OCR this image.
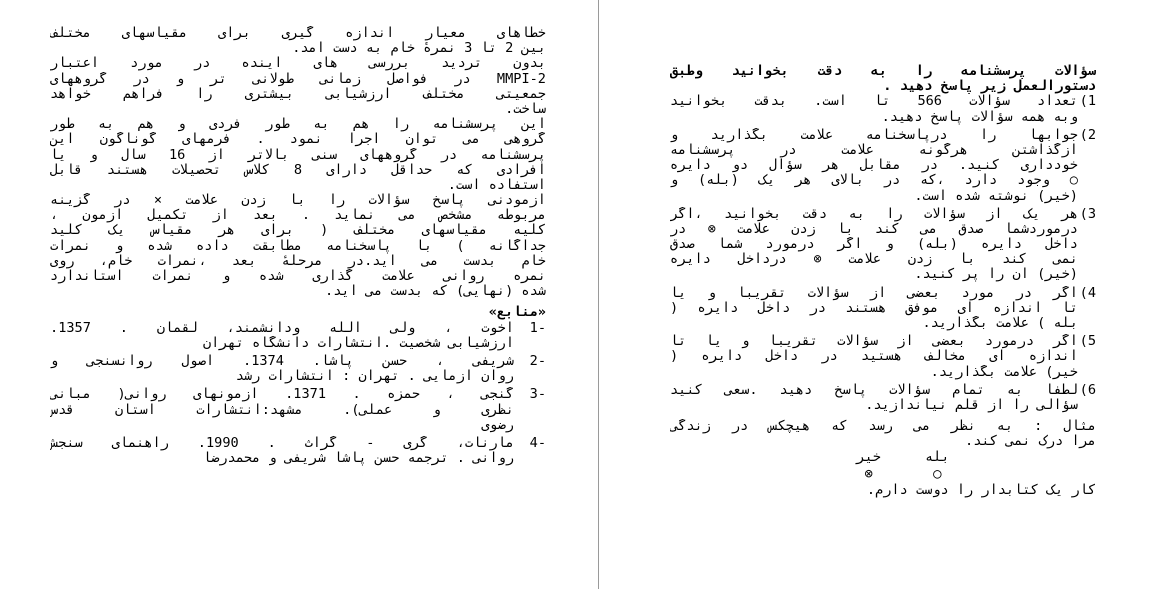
خطاهای معیار اندازه گیری برای مقیاسهای مختلف
بین 2 تا 3 نمرهٔ خام به دست آمد.
بدون تردید بررسی های آینده در مورد اعتبار
MMPI-2 در فواصل زمانی طولانی تر و در گروههای
جمعیتی مختلف ارزشیابی بیشتری را فراهم خواهد
ساخت.
این پرسشنامه را هم به طور فردی و هم به طور
گروهی می توان اجرا نمود . فرمهای گوناگون این
پرسشنامه در گروههای سنی بالاتر از 16 سال و یا
افرادی که حداقل دارای 8 کلاس تحصیلات هستند قابل
استفاده است.
آزمودنی پاسخ سؤالات را با زدن علامت × در گزینه
مربوطه مشخص می نماید . بعد از تکمیل آزمون ،
کلیه مقیاسهای مختلف ( برای هر مقیاس یک کلید
جداگانه ) با پاسخنامه مطابقت داده شده و نمرات
خام بدست می آید.در مرحلهٔ بعد ،نمرات خام، روی
نمره روانی علامت گذاری شده و نمرات استاندارد
شده (نهایی) که بدست می آید.
«منابع»
-1
اخوت ، ولی الله ودانشمند، لقمان . 1357.
ارزشیابی شخصیت .انتشارات دانشگاه تهران
-2
شریفی ، حسن پاشا. 1374. اصول روانسنجی و
روان آزمایی . تهران : انتشارات رشد
-3
گنجی ، حمزه . 1371. آزمونهای روانی( مبانی
نظری و عملی). مشهد:انتشارات آستان قدس
رضوی
-4
مارنات، گری - گراث . 1990. راهنمای سنجش
روانی . ترجمه حسن پاشا شریفی و محمدرضا
سؤالات پرسشنامه را به دقت بخوانید وطبق
دستورالعمل زیر پاسخ دهید .
1)
تعداد سؤالات 566 تا است. بدقت بخوانید
وبه همه سؤالات پاسخ دهید.
2)
جوابها را درپاسخنامه علامت بگذارید و
ازگذاشتن هرگونه علامت در پرسشنامه
خودداری کنید. در مقابل هر سؤال دو دایره
○ وجود دارد ،که در بالای هر یک (بله) و
(خیر) نوشته شده است.
3)
هر یک از سؤالات را به دقت بخوانید ،اگر
درموردشما صدق می کند با زدن علامت ⊗ در
داخل دایره (بله) و اگر درمورد شما صدق
نمی کند با زدن علامت ⊗ درداخل دایره
(خیر) آن را پر کنید.
4)
اگر در مورد بعضی از سؤالات تقریباً و یا
تا اندازه ای موفق هستند در داخل دایره (
بله ) علامت بگذارید.
5)
اگر درمورد بعضی از سؤالات تقریباً و یا تا
اندازه ای مخالف هستید در داخل دایره (
خیر) علامت بگذارید.
6)
لطفاً به تمام سؤالات پاسخ دهید .سعی کنید
سؤالی را از قلم نیاندازید.
مثال : به نظر می رسد که هیچکس در زندگی
مرا درک نمی کند.
بله
○
خیر
⊗
کار یک کتابدار را دوست دارم.
